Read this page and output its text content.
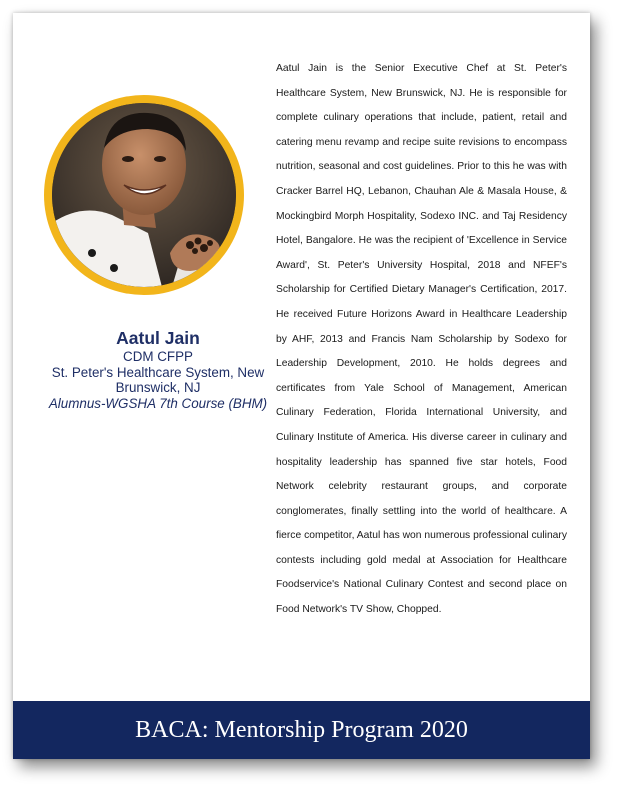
Aatul Jain
CDM CFPP
St. Peter's Healthcare System, New Brunswick, NJ
Alumnus-WGSHA 7th Course (BHM)

Aatul Jain is the Senior Executive Chef at St. Peter's Healthcare System, New Brunswick, NJ. He is responsible for complete culinary operations that include, patient, retail and catering menu revamp and recipe suite revisions to encompass nutrition, seasonal and cost guidelines. Prior to this he was with Cracker Barrel HQ, Lebanon, Chauhan Ale & Masala House, & Mockingbird Morph Hospitality, Sodexo INC. and Taj Residency Hotel, Bangalore. He was the recipient of 'Excellence in Service Award', St. Peter's University Hospital, 2018 and NFEF's Scholarship for Certified Dietary Manager's Certification, 2017. He received Future Horizons Award in Healthcare Leadership by AHF, 2013 and Francis Nam Scholarship by Sodexo for Leadership Development, 2010. He holds degrees and certificates from Yale School of Management, American Culinary Federation, Florida International University, and Culinary Institute of America. His diverse career in culinary and hospitality leadership has spanned five star hotels, Food Network celebrity restaurant groups, and corporate conglomerates, finally settling into the world of healthcare. A fierce competitor, Aatul has won numerous professional culinary contests including gold medal at Association for Healthcare Foodservice's National Culinary Contest and second place on Food Network's TV Show, Chopped.

BACA: Mentorship Program 2020
